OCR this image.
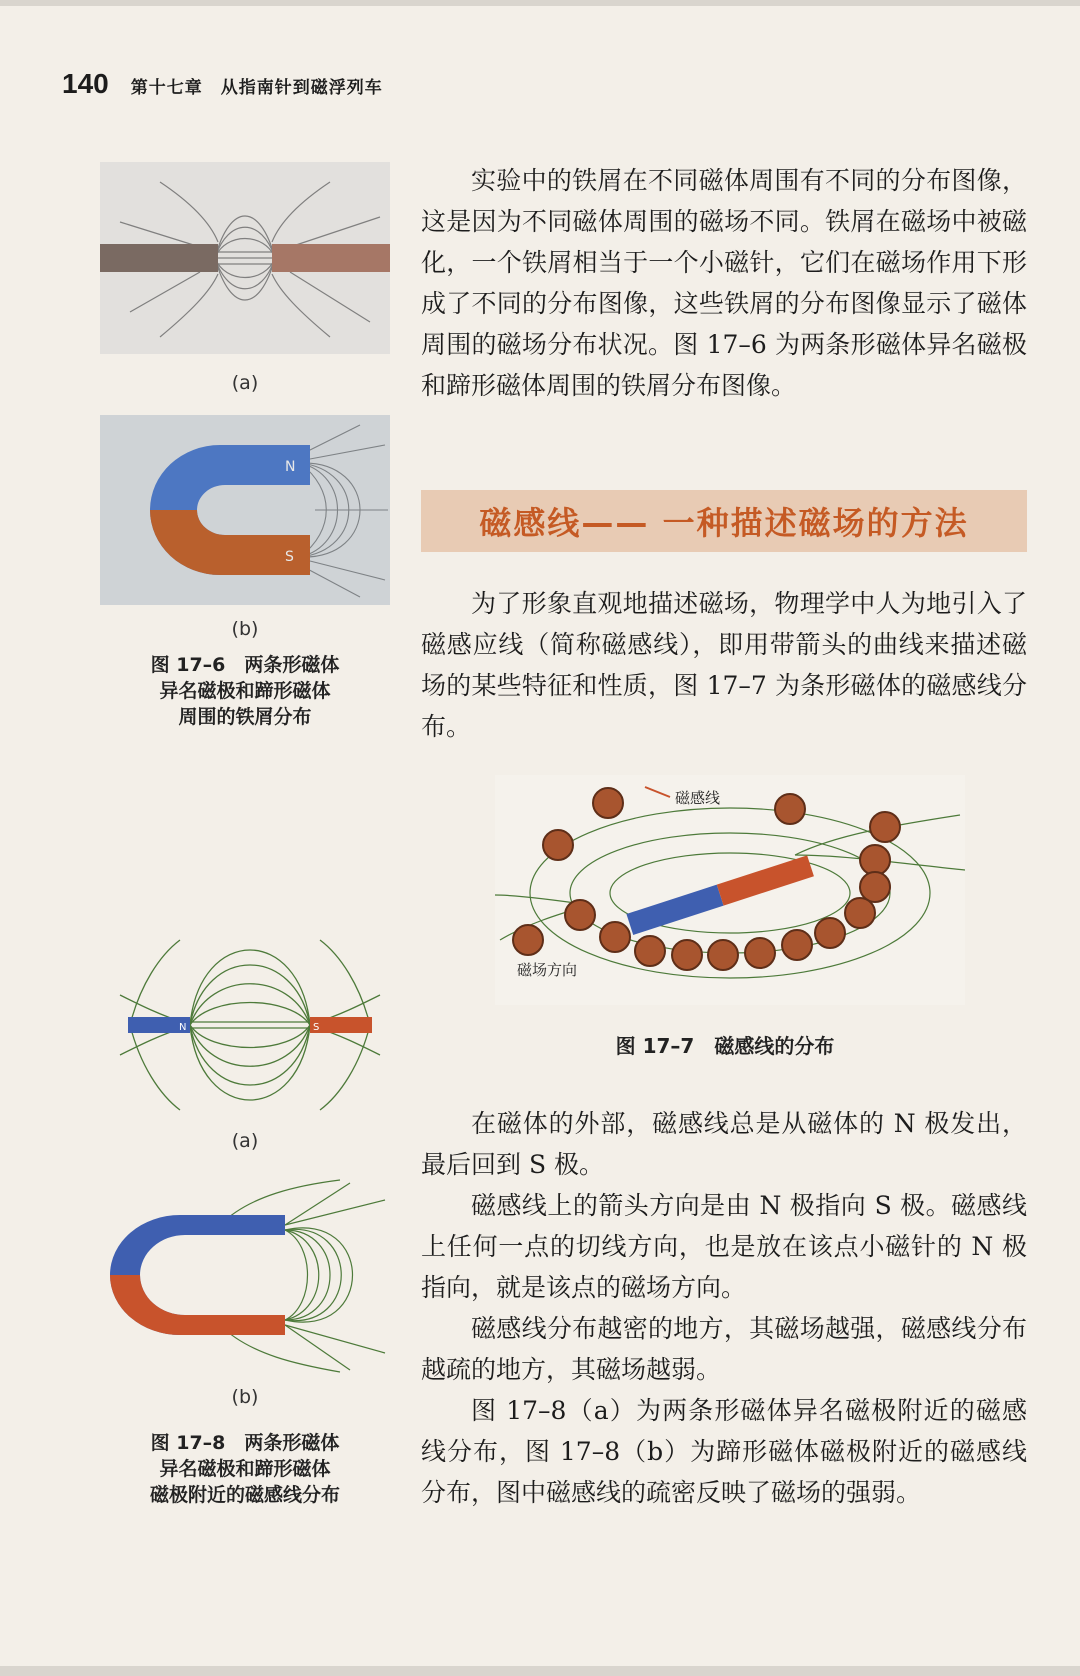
140 第十七章　从指南针到磁浮列车
(a)
N
S
(b)
图 17–6　两条形磁体
异名磁极和蹄形磁体
周围的铁屑分布
N	S
(a)
(b)
图 17–8　两条形磁体
异名磁极和蹄形磁体
磁极附近的磁感线分布

实验中的铁屑在不同磁体周围有不同的分布图像，这是因为不同磁体周围的磁场不同。铁屑在磁场中被磁化，一个铁屑相当于一个小磁针，它们在磁场作用下形成了不同的分布图像，这些铁屑的分布图像显示了磁体周围的磁场分布状况。图 17–6 为两条形磁体异名磁极和蹄形磁体周围的铁屑分布图像。

磁感线—— 一种描述磁场的方法

为了形象直观地描述磁场，物理学中人为地引入了磁感应线（简称磁感线），即用带箭头的曲线来描述磁场的某些特征和性质，图 17–7 为条形磁体的磁感线分布。

磁感线
磁场方向
图 17–7　磁感线的分布

在磁体的外部，磁感线总是从磁体的 N 极发出，最后回到 S 极。

磁感线上的箭头方向是由 N 极指向 S 极。磁感线上任何一点的切线方向，也是放在该点小磁针的 N 极指向，就是该点的磁场方向。

磁感线分布越密的地方，其磁场越强，磁感线分布越疏的地方，其磁场越弱。

图 17–8（a）为两条形磁体异名磁极附近的磁感线分布，图 17–8（b）为蹄形磁体磁极附近的磁感线分布，图中磁感线的疏密反映了磁场的强弱。
